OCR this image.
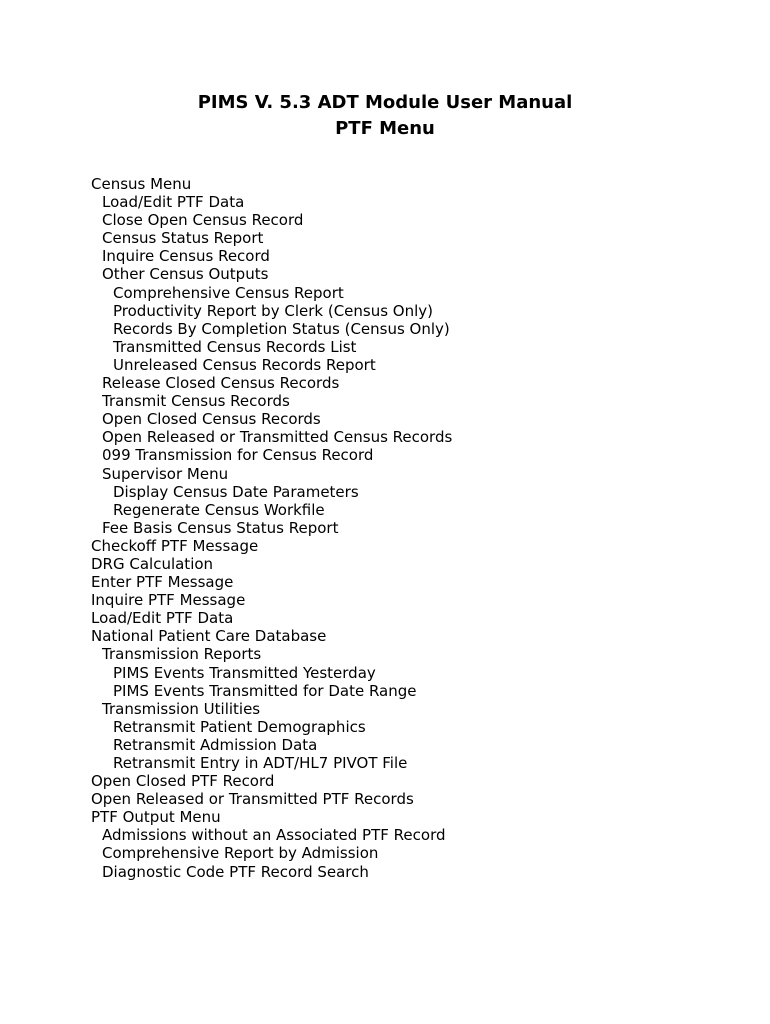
PIMS V. 5.3 ADT Module User Manual
PTF Menu
Census Menu
Load/Edit PTF Data
Close Open Census Record
Census Status Report
Inquire Census Record
Other Census Outputs
Comprehensive Census Report
Productivity Report by Clerk (Census Only)
Records By Completion Status (Census Only)
Transmitted Census Records List
Unreleased Census Records Report
Release Closed Census Records
Transmit Census Records
Open Closed Census Records
Open Released or Transmitted Census Records
099 Transmission for Census Record
Supervisor Menu
Display Census Date Parameters
Regenerate Census Workfile
Fee Basis Census Status Report
Checkoff PTF Message
DRG Calculation
Enter PTF Message
Inquire PTF Message
Load/Edit PTF Data
National Patient Care Database
Transmission Reports
PIMS Events Transmitted Yesterday
PIMS Events Transmitted for Date Range
Transmission Utilities
Retransmit Patient Demographics
Retransmit Admission Data
Retransmit Entry in ADT/HL7 PIVOT File
Open Closed PTF Record
Open Released or Transmitted PTF Records
PTF Output Menu
Admissions without an Associated PTF Record
Comprehensive Report by Admission
Diagnostic Code PTF Record Search
